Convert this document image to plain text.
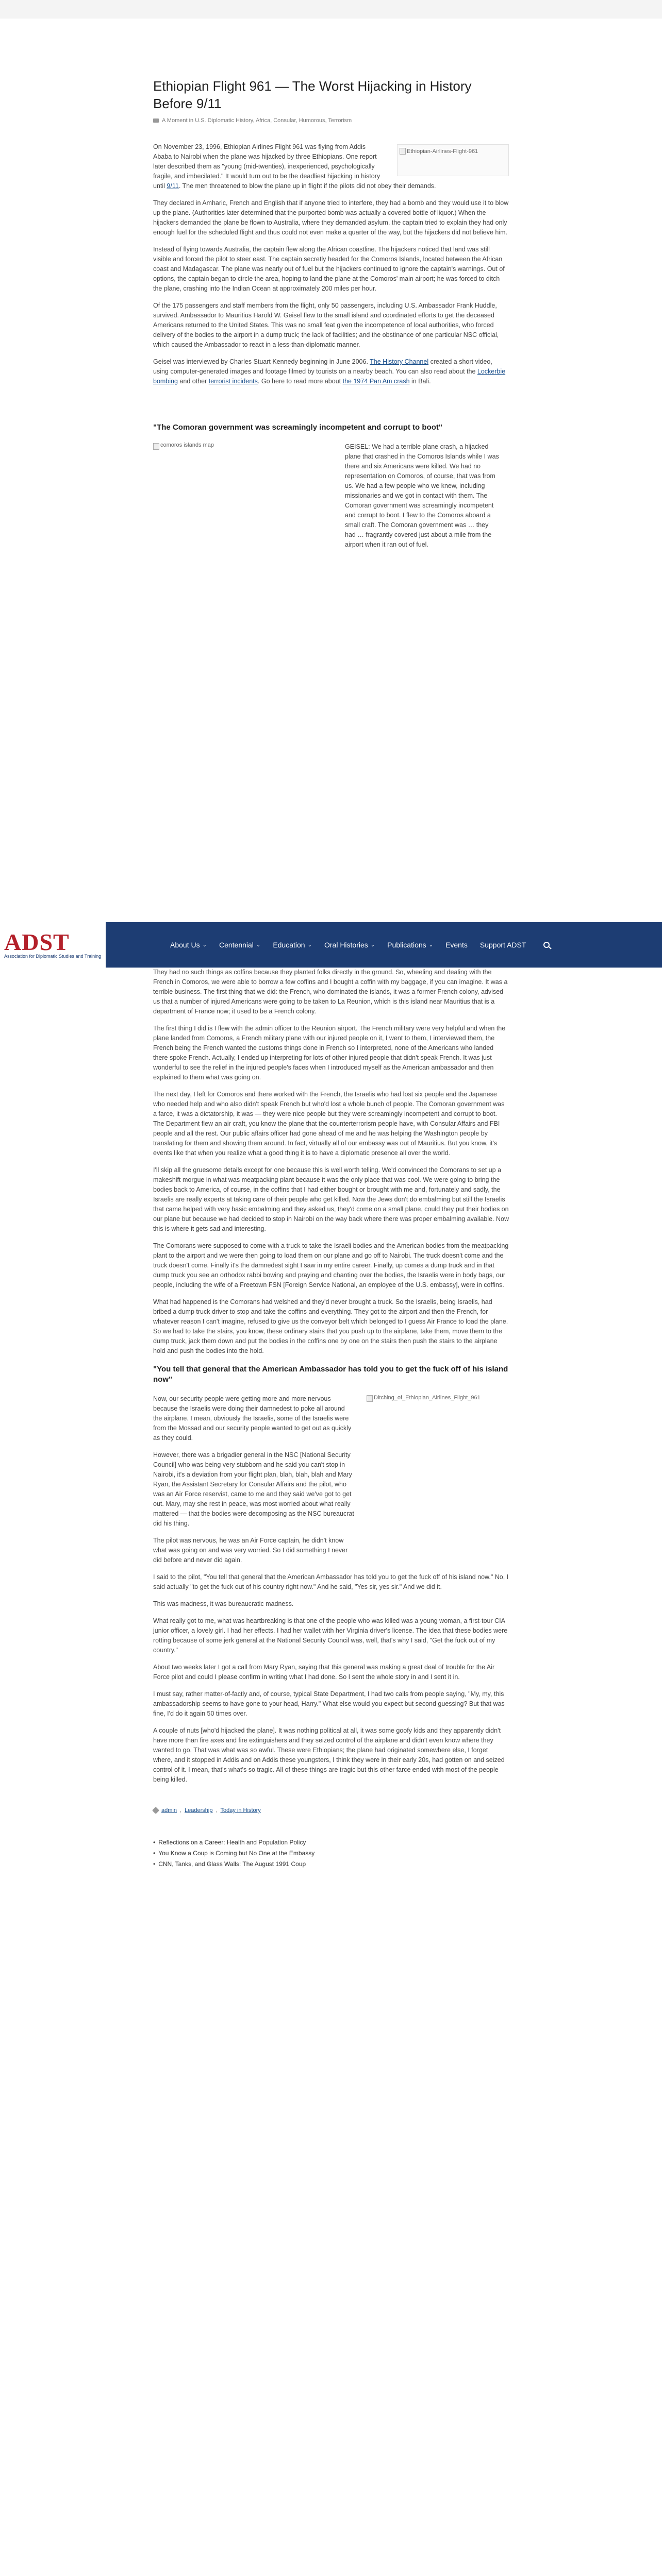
Ethiopian Flight 961 — The Worst Hijacking in History Before 9/11
A Moment in U.S. Diplomatic History, Africa, Consular, Humorous, Terrorism
Ethiopian-Airlines-Flight-961

On November 23, 1996, Ethiopian Airlines Flight 961 was flying from Addis Ababa to Nairobi when the plane was hijacked by three Ethiopians. One report later described them as "young (mid-twenties), inexperienced, psychologically fragile, and imbecilated." It would turn out to be the deadliest hijacking in history until 9/11. The men threatened to blow the plane up in flight if the pilots did not obey their demands.

They declared in Amharic, French and English that if anyone tried to interfere, they had a bomb and they would use it to blow up the plane. (Authorities later determined that the purported bomb was actually a covered bottle of liquor.) When the hijackers demanded the plane be flown to Australia, where they demanded asylum, the captain tried to explain they had only enough fuel for the scheduled flight and thus could not even make a quarter of the way, but the hijackers did not believe him.

Instead of flying towards Australia, the captain flew along the African coastline. The hijackers noticed that land was still visible and forced the pilot to steer east. The captain secretly headed for the Comoros Islands, located between the African coast and Madagascar. The plane was nearly out of fuel but the hijackers continued to ignore the captain's warnings. Out of options, the captain began to circle the area, hoping to land the plane at the Comoros' main airport; he was forced to ditch the plane, crashing into the Indian Ocean at approximately 200 miles per hour.

Of the 175 passengers and staff members from the flight, only 50 passengers, including U.S. Ambassador Frank Huddle, survived. Ambassador to Mauritius Harold W. Geisel flew to the small island and coordinated efforts to get the deceased Americans returned to the United States. This was no small feat given the incompetence of local authorities, who forced delivery of the bodies to the airport in a dump truck; the lack of facilities; and the obstinance of one particular NSC official, which caused the Ambassador to react in a less-than-diplomatic manner.

Geisel was interviewed by Charles Stuart Kennedy beginning in June 2006. The History Channel created a short video, using computer-generated images and footage filmed by tourists on a nearby beach. You can also read about the Lockerbie bombing and other terrorist incidents. Go here to read more about the 1974 Pan Am crash in Bali.

"The Comoran government was screamingly incompetent and corrupt to boot"
comoros islands map	GEISEL: We had a terrible plane crash, a hijacked plane that crashed in the Comoros Islands while I was there and six Americans were killed. We had no representation on Comoros, of course, that was from us. We had a few people who we knew, including missionaries and we got in contact with them. The Comoran government was screamingly incompetent and corrupt to boot. I flew to the Comoros aboard a small craft. The Comoran government was … they had … fragrantly covered just about a mile from the airport when it ran out of fuel.

ADST
Association for Diplomatic Studies and Training
About Us ⌄ Centennial ⌄ Education ⌄ Oral Histories ⌄ Publications ⌄ Events Support ADST

They had no such things as coffins because they planted folks directly in the ground. So, wheeling and dealing with the French in Comoros, we were able to borrow a few coffins and I bought a coffin with my baggage, if you can imagine. It was a terrible business. The first thing that we did: the French, who dominated the islands, it was a former French colony, advised us that a number of injured Americans were going to be taken to La Reunion, which is this island near Mauritius that is a department of France now; it used to be a French colony.

The first thing I did is I flew with the admin officer to the Reunion airport. The French military were very helpful and when the plane landed from Comoros, a French military plane with our injured people on it, I went to them, I interviewed them, the French being the French wanted the customs things done in French so I interpreted, none of the Americans who landed there spoke French. Actually, I ended up interpreting for lots of other injured people that didn't speak French. It was just wonderful to see the relief in the injured people's faces when I introduced myself as the American ambassador and then explained to them what was going on.

The next day, I left for Comoros and there worked with the French, the Israelis who had lost six people and the Japanese who needed help and who also didn't speak French but who'd lost a whole bunch of people. The Comoran government was a farce, it was a dictatorship, it was — they were nice people but they were screamingly incompetent and corrupt to boot. The Department flew an air craft, you know the plane that the counterterrorism people have, with Consular Affairs and FBI people and all the rest. Our public affairs officer had gone ahead of me and he was helping the Washington people by translating for them and showing them around. In fact, virtually all of our embassy was out of Mauritius. But you know, it's events like that when you realize what a good thing it is to have a diplomatic presence all over the world.

I'll skip all the gruesome details except for one because this is well worth telling. We'd convinced the Comorans to set up a makeshift morgue in what was meatpacking plant because it was the only place that was cool. We were going to bring the bodies back to America, of course, in the coffins that I had either bought or brought with me and, fortunately and sadly, the Israelis are really experts at taking care of their people who get killed. Now the Jews don't do embalming but still the Israelis that came helped with very basic embalming and they asked us, they'd come on a small plane, could they put their bodies on our plane but because we had decided to stop in Nairobi on the way back where there was proper embalming available. Now this is where it gets sad and interesting.

The Comorans were supposed to come with a truck to take the Israeli bodies and the American bodies from the meatpacking plant to the airport and we were then going to load them on our plane and go off to Nairobi. The truck doesn't come and the truck doesn't come. Finally it's the damnedest sight I saw in my entire career. Finally, up comes a dump truck and in that dump truck you see an orthodox rabbi bowing and praying and chanting over the bodies, the Israelis were in body bags, our people, including the wife of a Freetown FSN [Foreign Service National, an employee of the U.S. embassy], were in coffins.

What had happened is the Comorans had welshed and they'd never brought a truck. So the Israelis, being Israelis, had bribed a dump truck driver to stop and take the coffins and everything. They got to the airport and then the French, for whatever reason I can't imagine, refused to give us the conveyor belt which belonged to I guess Air France to load the plane. So we had to take the stairs, you know, these ordinary stairs that you push up to the airplane, take them, move them to the dump truck, jack them down and put the bodies in the coffins one by one on the stairs then push the stairs to the airplane hold and push the bodies into the hold.

"You tell that general that the American Ambassador has told you to get the fuck off of his island now"

Now, our security people were getting more and more nervous because the Israelis were doing their damnedest to poke all around the airplane. I mean, obviously the Israelis, some of the Israelis were from the Mossad and our security people wanted to get out as quickly as they could.

However, there was a brigadier general in the NSC [National Security Council] who was being very stubborn and he said you can't stop in Nairobi, it's a deviation from your flight plan, blah, blah, blah and Mary Ryan, the Assistant Secretary for Consular Affairs and the pilot, who was an Air Force reservist, came to me and they said we've got to get out. Mary, may she rest in peace, was most worried about what really mattered — that the bodies were decomposing as the NSC bureaucrat did his thing.

The pilot was nervous, he was an Air Force captain, he didn't know what was going on and was very worried. So I did something I never did before and never did again.

Ditching_of_Ethiopian_Airlines_Flight_961

I said to the pilot, "You tell that general that the American Ambassador has told you to get the fuck off of his island now." No, I said actually "to get the fuck out of his country right now." And he said, "Yes sir, yes sir." And we did it.

This was madness, it was bureaucratic madness.

What really got to me, what was heartbreaking is that one of the people who was killed was a young woman, a first-tour CIA junior officer, a lovely girl. I had her effects. I had her wallet with her Virginia driver's license. The idea that these bodies were rotting because of some jerk general at the National Security Council was, well, that's why I said, "Get the fuck out of my country."

About two weeks later I got a call from Mary Ryan, saying that this general was making a great deal of trouble for the Air Force pilot and could I please confirm in writing what I had done. So I sent the whole story in and I sent it in.

I must say, rather matter-of-factly and, of course, typical State Department, I had two calls from people saying, "My, my, this ambassadorship seems to have gone to your head, Harry." What else would you expect but second guessing? But that was fine, I'd do it again 50 times over.

A couple of nuts [who'd hijacked the plane]. It was nothing political at all, it was some goofy kids and they apparently didn't have more than fire axes and fire extinguishers and they seized control of the airplane and didn't even know where they wanted to go. That was what was so awful. These were Ethiopians; the plane had originated somewhere else, I forget where, and it stopped in Addis and on Addis these youngsters, I think they were in their early 20s, had gotten on and seized control of it. I mean, that's what's so tragic. All of these things are tragic but this other farce ended with most of the people being killed.

admin , Leadership , Today in History
• Reflections on a Career: Health and Population Policy
• You Know a Coup is Coming but No One at the Embassy
• CNN, Tanks, and Glass Walls: The August 1991 Coup
